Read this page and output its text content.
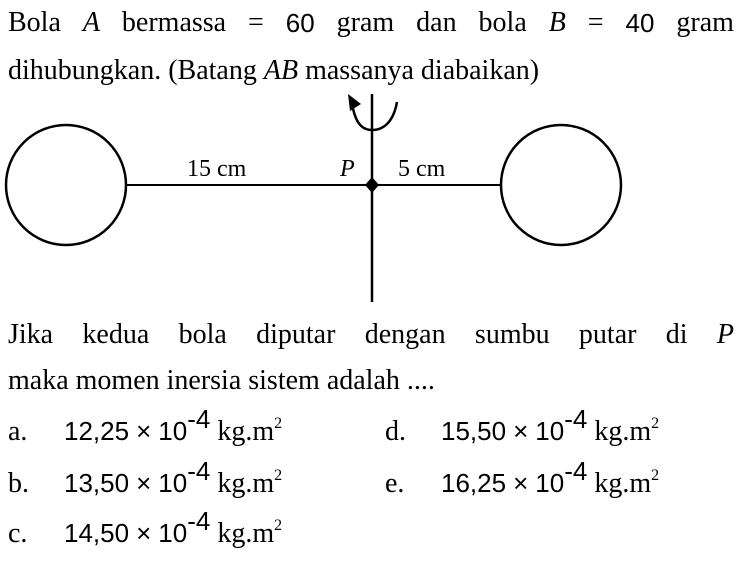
Bola A bermassa = 60 gram dan bola B = 40 gram
dihubungkan. (Batang AB massanya diabaikan)
15 cm	P 5 cm
Jika kedua bola diputar dengan sumbu putar di P
maka momen inersia sistem adalah ....
a. $12,25 \times 10^{-4}$ $kg.m^2$
b. $13,50 \times 10^{-4}$ $kg.m^2$
c. $14,50 \times 10^{-4}$ $kg.m^2$
d. $15,50 \times 10^{-4}$ $kg.m^2$
e. $16,25 \times 10^{-4}$ $kg.m^2$
